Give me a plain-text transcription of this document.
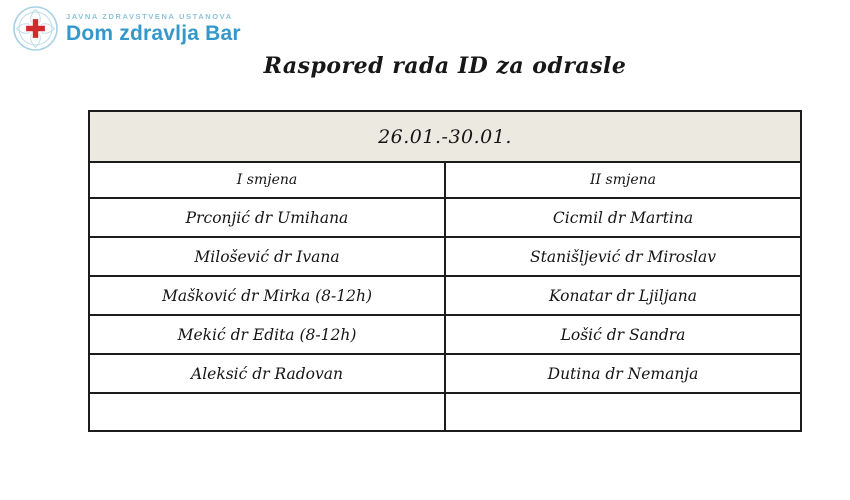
JAVNA ZDRAVSTVENA USTANOVA
Dom zdravlja Bar
Raspored rada ID za odrasle
26.01.-30.01.	
I smjena	II smjena
Prconjić dr Umihana	Cicmil dr Martina
Milošević dr Ivana	Stanišljević dr Miroslav
Mašković dr Mirka (8-12h)	Konatar dr Ljiljana
Mekić dr Edita (8-12h)	Lošić dr Sandra
Aleksić dr Radovan	Dutina dr Nemanja
